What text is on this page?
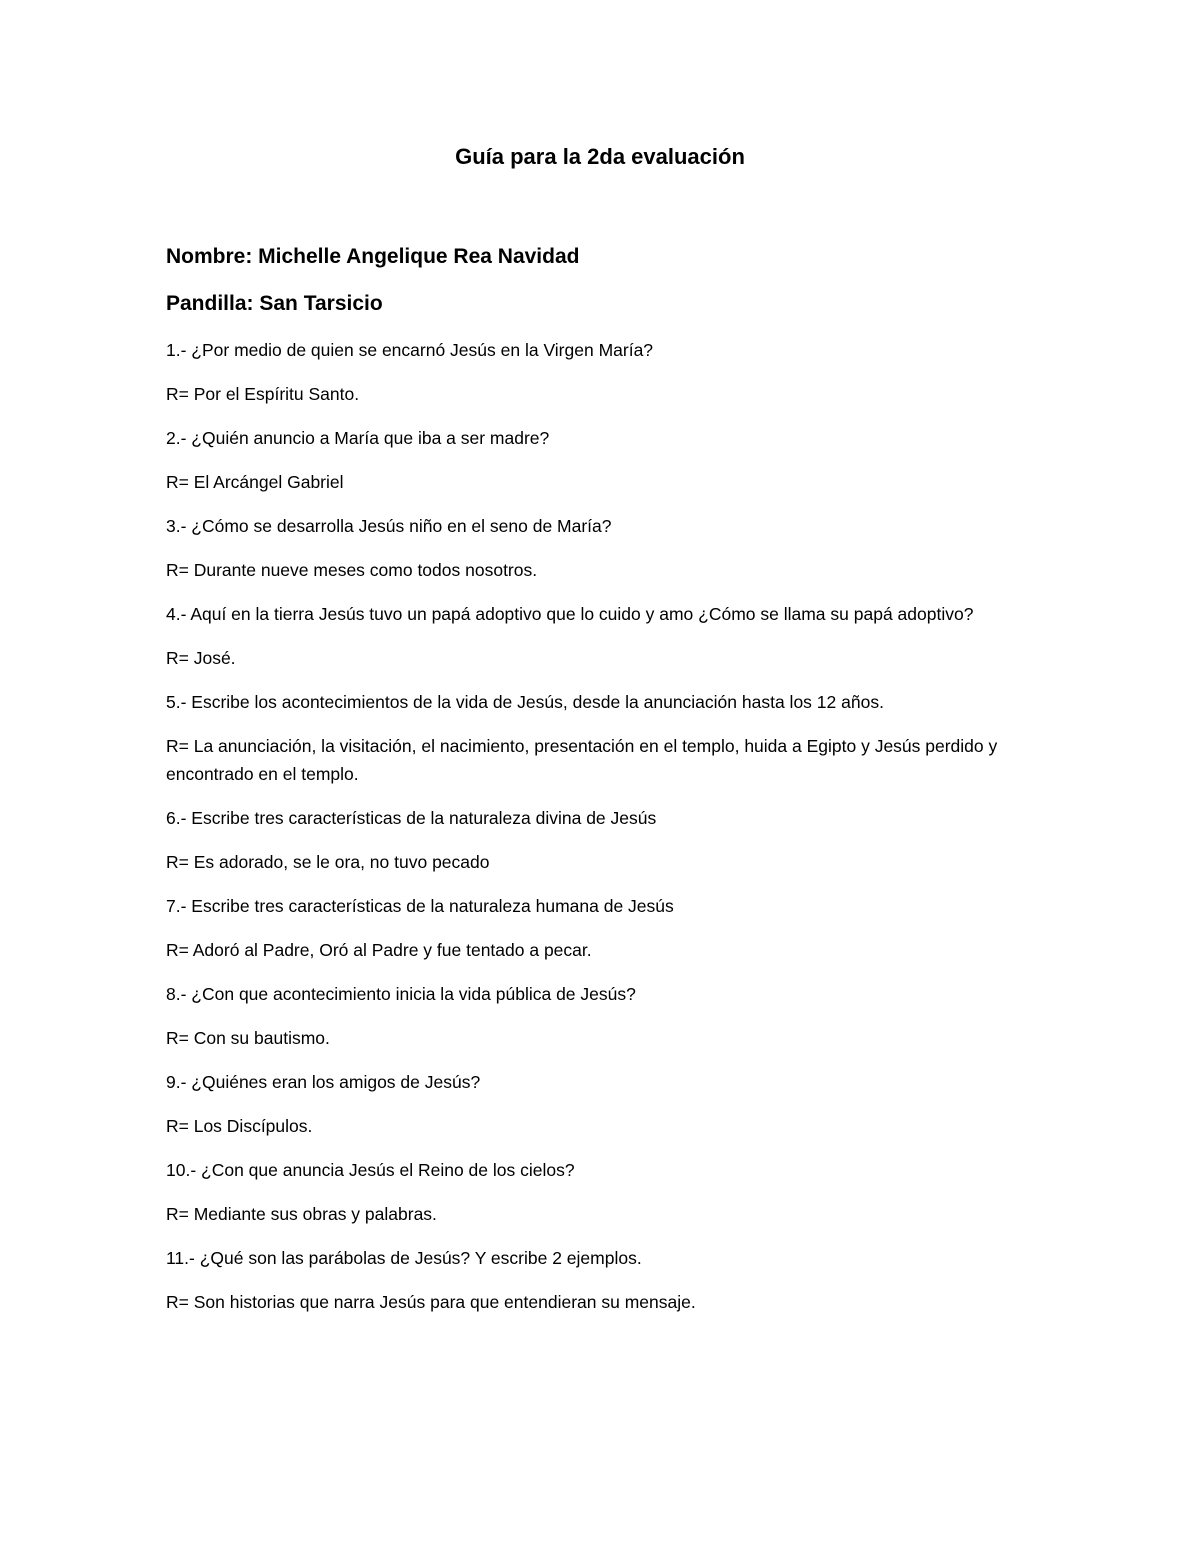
Guía para la 2da evaluación
Nombre: Michelle Angelique Rea Navidad
Pandilla: San Tarsicio
1.- ¿Por medio de quien se encarnó Jesús en la Virgen María?
R= Por el Espíritu Santo.
2.- ¿Quién anuncio a María que iba a ser madre?
R= El Arcángel Gabriel
3.- ¿Cómo se desarrolla Jesús niño en el seno de María?
R= Durante nueve meses como todos nosotros.
4.- Aquí en la tierra Jesús tuvo un papá adoptivo que lo cuido y amo ¿Cómo se llama su papá adoptivo?
R= José.
5.- Escribe los acontecimientos de la vida de Jesús, desde la anunciación hasta los 12 años.
R= La anunciación, la visitación, el nacimiento, presentación en el templo, huida a Egipto y Jesús perdido y encontrado en el templo.
6.- Escribe tres características de la naturaleza divina de Jesús
R= Es adorado, se le ora, no tuvo pecado
7.- Escribe tres características de la naturaleza humana de Jesús
R= Adoró al Padre, Oró al Padre y fue tentado a pecar.
8.- ¿Con que acontecimiento inicia la vida pública de Jesús?
R= Con su bautismo.
9.- ¿Quiénes eran los amigos de Jesús?
R= Los Discípulos.
10.- ¿Con que anuncia Jesús el Reino de los cielos?
R= Mediante sus obras y palabras.
11.- ¿Qué son las parábolas de Jesús? Y escribe 2 ejemplos.
R= Son historias que narra Jesús para que entendieran su mensaje.
